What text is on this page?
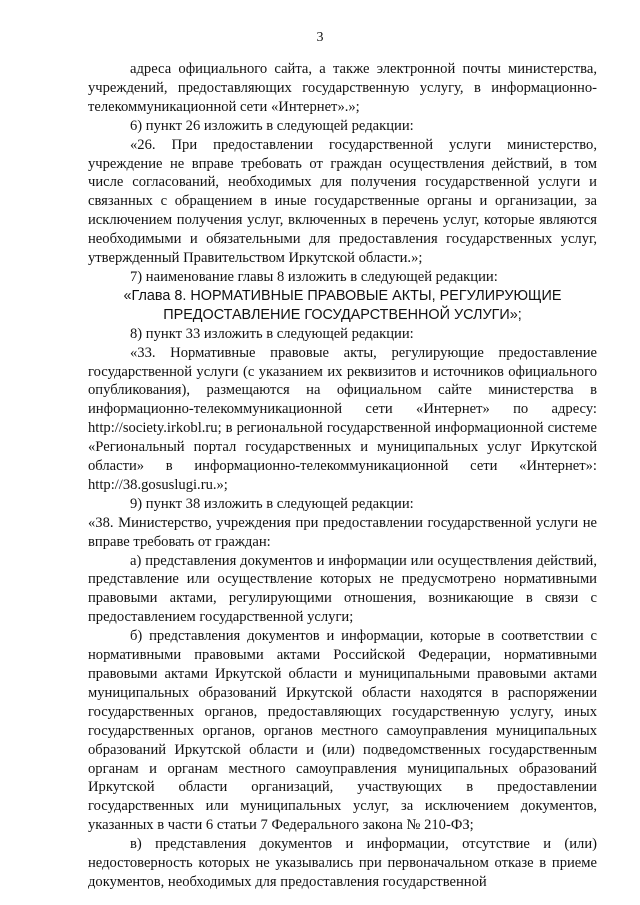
3

адреса официального сайта, а также электронной почты министерства, учреждений, предоставляющих государственную услугу, в информационно-телекоммуникационной сети «Интернет».»;

6) пункт 26 изложить в следующей редакции:

«26. При предоставлении государственной услуги министерство, учреждение не вправе требовать от граждан осуществления действий, в том числе согласований, необходимых для получения государственной услуги и связанных с обращением в иные государственные органы и организации, за исключением получения услуг, включенных в перечень услуг, которые являются необходимыми и обязательными для предоставления государственных услуг, утвержденный Правительством Иркутской области.»;

7) наименование главы 8 изложить в следующей редакции:

«Глава 8. НОРМАТИВНЫЕ ПРАВОВЫЕ АКТЫ, РЕГУЛИРУЮЩИЕ ПРЕДОСТАВЛЕНИЕ ГОСУДАРСТВЕННОЙ УСЛУГИ»;

8) пункт 33 изложить в следующей редакции:

«33. Нормативные правовые акты, регулирующие предоставление государственной услуги (с указанием их реквизитов и источников официального опубликования), размещаются на официальном сайте министерства в информационно-телекоммуникационной сети «Интернет» по адресу: http://society.irkobl.ru; в региональной государственной информационной системе «Региональный портал государственных и муниципальных услуг Иркутской области» в информационно-телекоммуникационной сети «Интернет»: http://38.gosuslugi.ru.»;

9) пункт 38 изложить в следующей редакции:

«38. Министерство, учреждения при предоставлении государственной услуги не вправе требовать от граждан:

а) представления документов и информации или осуществления действий, представление или осуществление которых не предусмотрено нормативными правовыми актами, регулирующими отношения, возникающие в связи с предоставлением государственной услуги;

б) представления документов и информации, которые в соответствии с нормативными правовыми актами Российской Федерации, нормативными правовыми актами Иркутской области и муниципальными правовыми актами муниципальных образований Иркутской области находятся в распоряжении государственных органов, предоставляющих государственную услугу, иных государственных органов, органов местного самоуправления муниципальных образований Иркутской области и (или) подведомственных государственным органам и органам местного самоуправления муниципальных образований Иркутской области организаций, участвующих в предоставлении государственных или муниципальных услуг, за исключением документов, указанных в части 6 статьи 7 Федерального закона № 210-ФЗ;

в) представления документов и информации, отсутствие и (или) недостоверность которых не указывались при первоначальном отказе в приеме документов, необходимых для предоставления государственной
